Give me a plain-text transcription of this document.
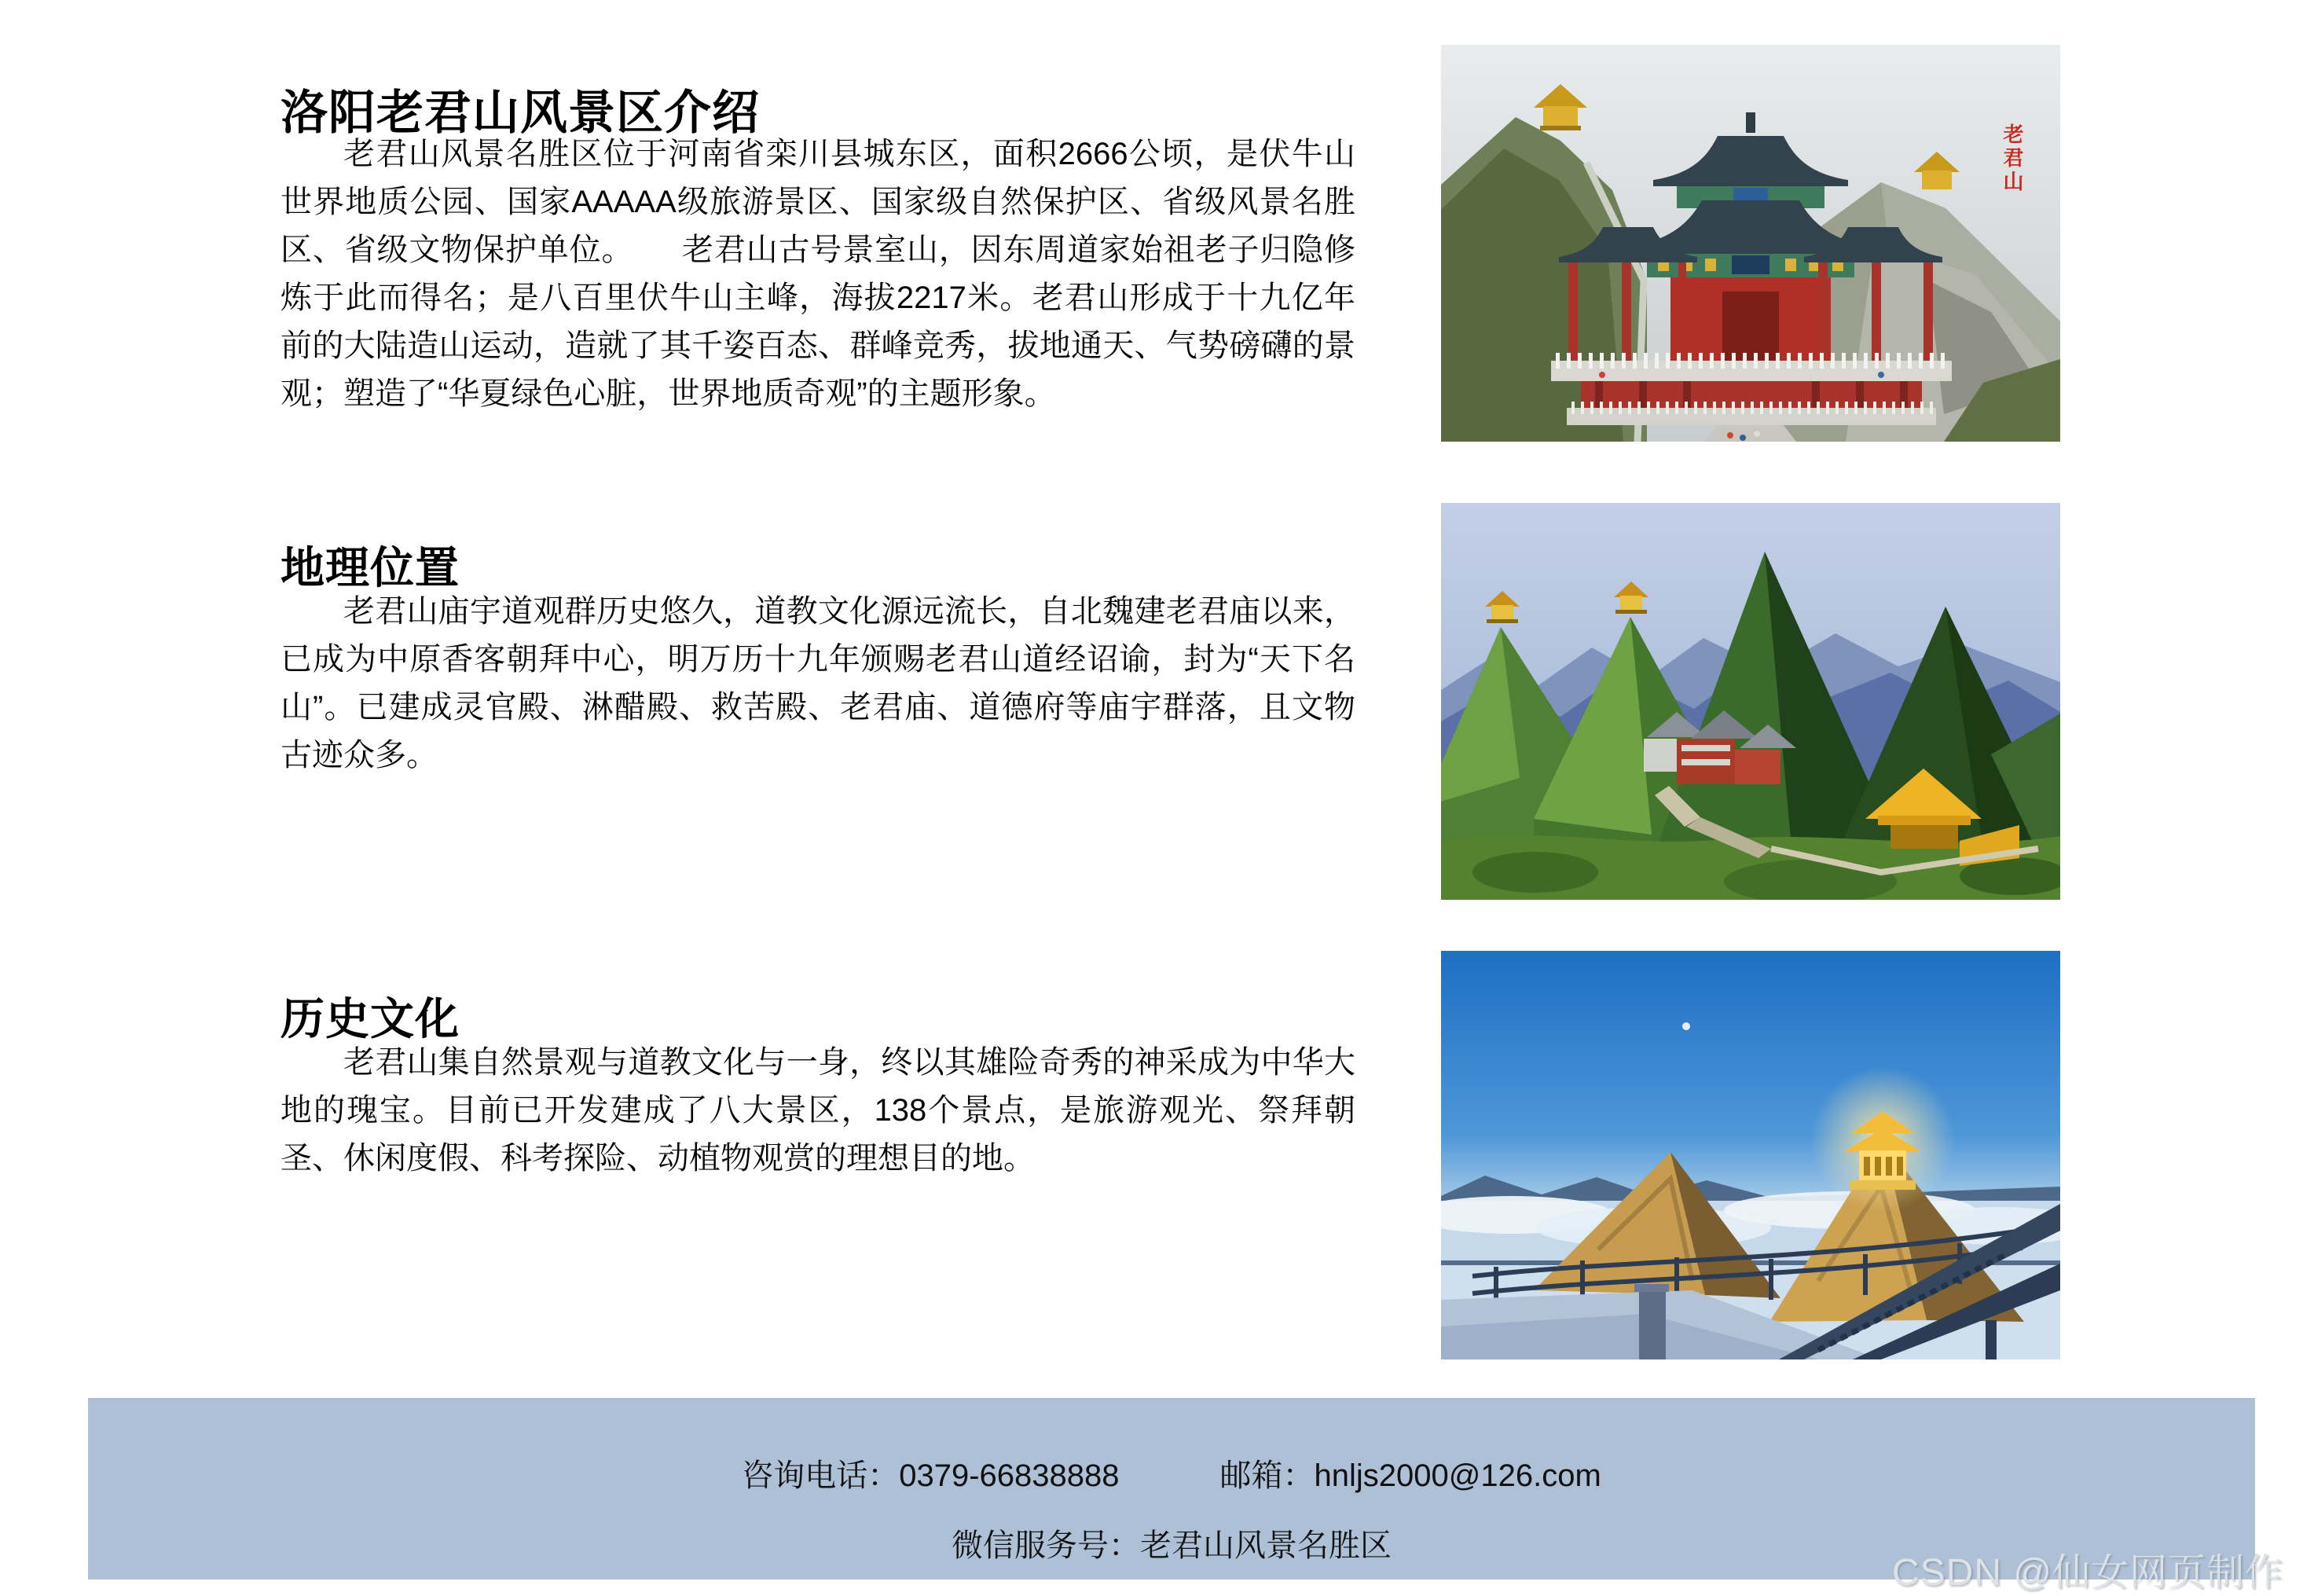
洛阳老君山风景区介绍

老君山风景名胜区位于河南省栾川县城东区，面积2666公顷，是伏牛山世界地质公园、国家AAAAA级旅游景区、国家级自然保护区、省级风景名胜区、省级文物保护单位。　　老君山古号景室山，因东周道家始祖老子归隐修炼于此而得名；是八百里伏牛山主峰，海拔2217米。老君山形成于十九亿年前的大陆造山运动，造就了其千姿百态、群峰竞秀，拔地通天、气势磅礴的景观；塑造了“华夏绿色心脏，世界地质奇观”的主题形象。

地理位置

老君山庙宇道观群历史悠久，道教文化源远流长，自北魏建老君庙以来，已成为中原香客朝拜中心，明万历十九年颁赐老君山道经诏谕，封为“天下名山”。已建成灵官殿、淋醋殿、救苦殿、老君庙、道德府等庙宇群落，且文物古迹众多。

历史文化

老君山集自然景观与道教文化与一身，终以其雄险奇秀的神采成为中华大地的瑰宝。目前已开发建成了八大景区，138个景点，是旅游观光、祭拜朝圣、休闲度假、科考探险、动植物观赏的理想目的地。

老君山
咨询电话：0379-66838888	邮箱：hnljs2000@126.com
微信服务号：老君山风景名胜区
CSDN @仙女网页制作
